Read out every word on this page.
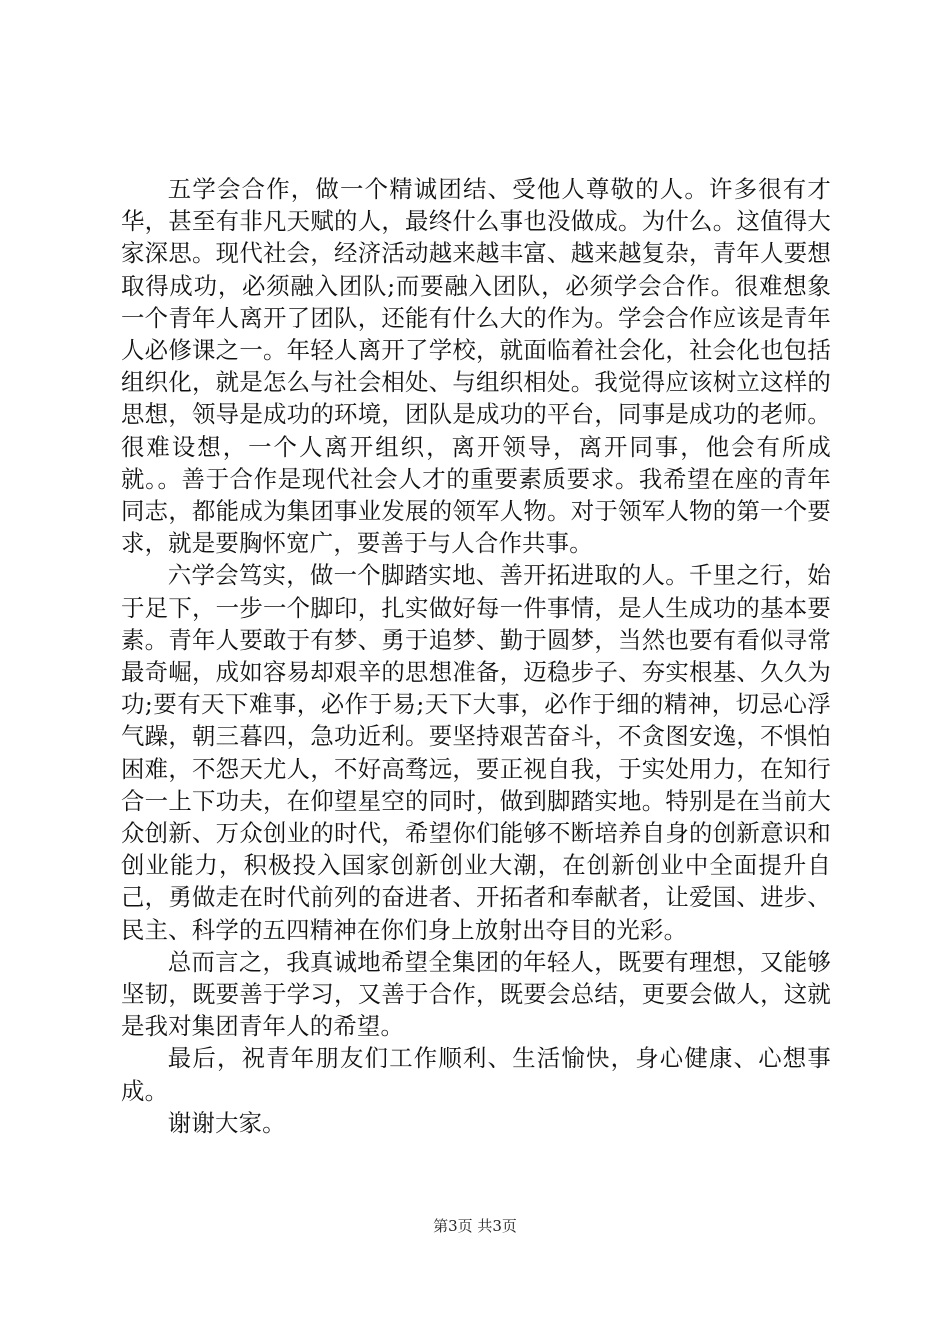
五学会合作，做一个精诚团结、受他人尊敬的人。许多很有才华，甚至有非凡天赋的人，最终什么事也没做成。为什么。这值得大家深思。现代社会，经济活动越来越丰富、越来越复杂，青年人要想取得成功，必须融入团队;而要融入团队，必须学会合作。很难想象一个青年人离开了团队，还能有什么大的作为。学会合作应该是青年人必修课之一。年轻人离开了学校，就面临着社会化，社会化也包括组织化，就是怎么与社会相处、与组织相处。我觉得应该树立这样的思想，领导是成功的环境，团队是成功的平台，同事是成功的老师。很难设想，一个人离开组织，离开领导，离开同事，他会有所成就。。善于合作是现代社会人才的重要素质要求。我希望在座的青年同志，都能成为集团事业发展的领军人物。对于领军人物的第一个要求，就是要胸怀宽广，要善于与人合作共事。

六学会笃实，做一个脚踏实地、善开拓进取的人。千里之行，始于足下，一步一个脚印，扎实做好每一件事情，是人生成功的基本要素。青年人要敢于有梦、勇于追梦、勤于圆梦，当然也要有看似寻常最奇崛，成如容易却艰辛的思想准备，迈稳步子、夯实根基、久久为功;要有天下难事，必作于易;天下大事，必作于细的精神，切忌心浮气躁，朝三暮四，急功近利。要坚持艰苦奋斗，不贪图安逸，不惧怕困难，不怨天尤人，不好高骛远，要正视自我，于实处用力，在知行合一上下功夫，在仰望星空的同时，做到脚踏实地。特别是在当前大众创新、万众创业的时代，希望你们能够不断培养自身的创新意识和创业能力，积极投入国家创新创业大潮，在创新创业中全面提升自己，勇做走在时代前列的奋进者、开拓者和奉献者，让爱国、进步、民主、科学的五四精神在你们身上放射出夺目的光彩。

总而言之，我真诚地希望全集团的年轻人，既要有理想，又能够坚韧，既要善于学习，又善于合作，既要会总结，更要会做人，这就是我对集团青年人的希望。

最后，祝青年朋友们工作顺利、生活愉快，身心健康、心想事成。

谢谢大家。

第3页 共3页
